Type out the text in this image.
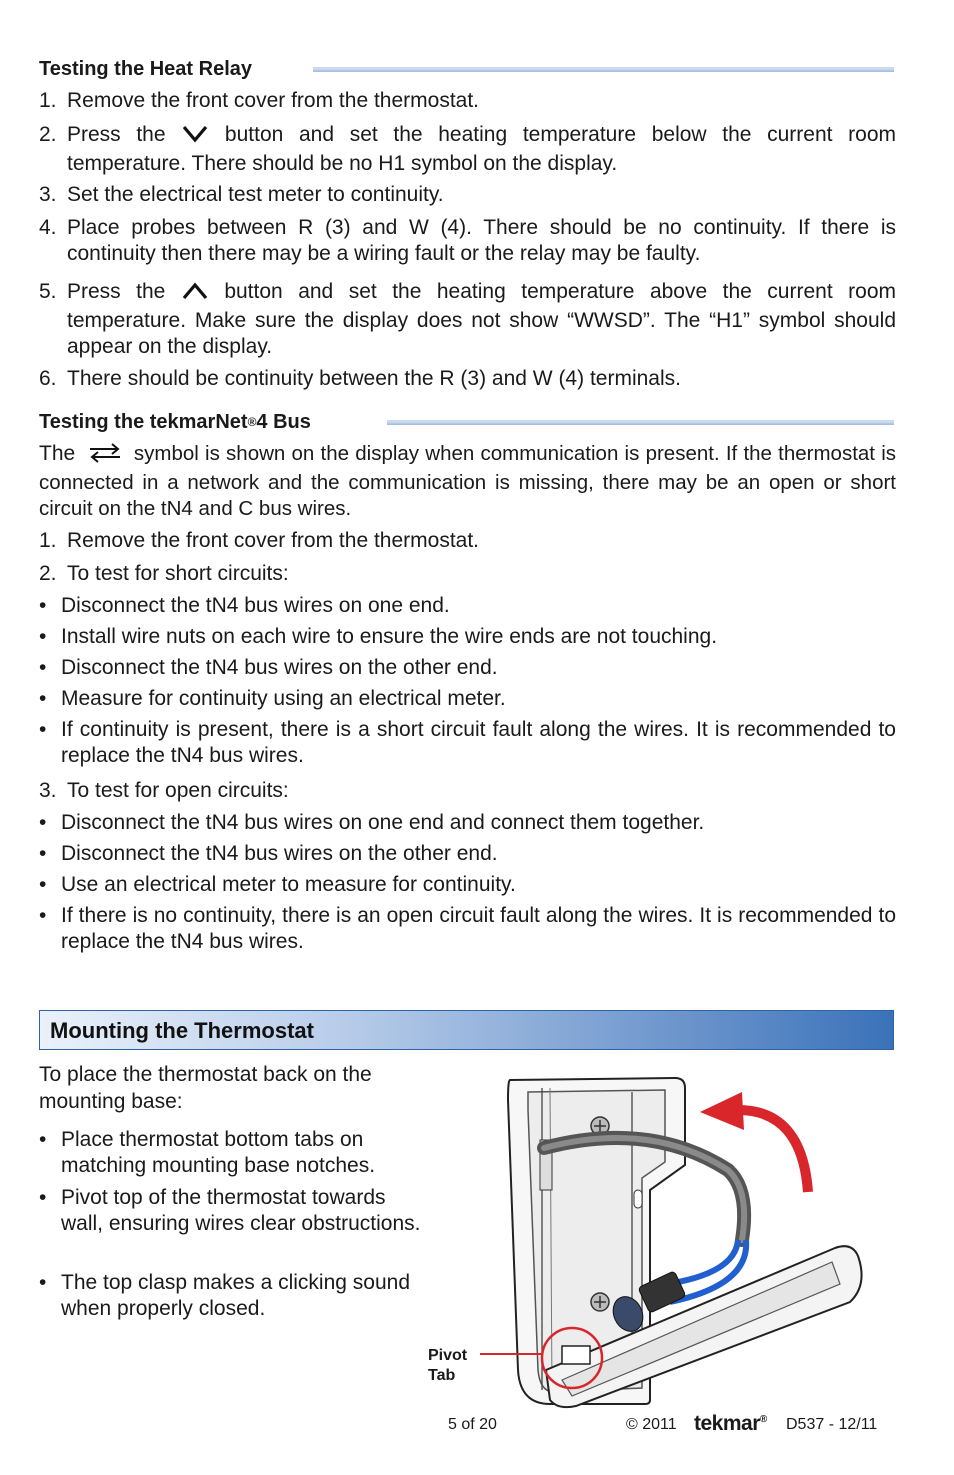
Testing the Heat Relay
1. Remove the front cover from the thermostat.
2. Press the	button and set the heating temperature below the current room temperature. There should be no H1 symbol on the display.
3. Set the electrical test meter to continuity.
4. Place probes between R (3) and W (4). There should be no continuity. If there is continuity then there may be a wiring fault or the relay may be faulty.
5. Press the	button and set the heating temperature above the current room temperature. Make sure the display does not show “WWSD”. The “H1” symbol should appear on the display.
6. There should be continuity between the R (3) and W (4) terminals.
Testing the tekmarNet ® 4 Bus
The	symbol is shown on the display when communication is present. If the thermostat is connected in a network and the communication is missing, there may be an open or short circuit on the tN4 and C bus wires.
1. Remove the front cover from the thermostat.
2. To test for short circuits:
• Disconnect the tN4 bus wires on one end.
• Install wire nuts on each wire to ensure the wire ends are not touching.
• Disconnect the tN4 bus wires on the other end.
• Measure for continuity using an electrical meter.
• If continuity is present, there is a short circuit fault along the wires. It is recommended to replace the tN4 bus wires.
3. To test for open circuits:
• Disconnect the tN4 bus wires on one end and connect them together.
• Disconnect the tN4 bus wires on the other end.
• Use an electrical meter to measure for continuity.
• If there is no continuity, there is an open circuit fault along the wires. It is recommended to replace the tN4 bus wires.
Mounting the Thermostat
To place the thermostat back on the mounting base:
• Place thermostat bottom tabs on matching mounting base notches.
• Pivot top of the thermostat towards wall, ensuring wires clear obstructions.
• The top clasp makes a clicking sound when properly closed.
Pivot
Tab
5 of 20	© 2011 tekmar® D537 - 12/11
